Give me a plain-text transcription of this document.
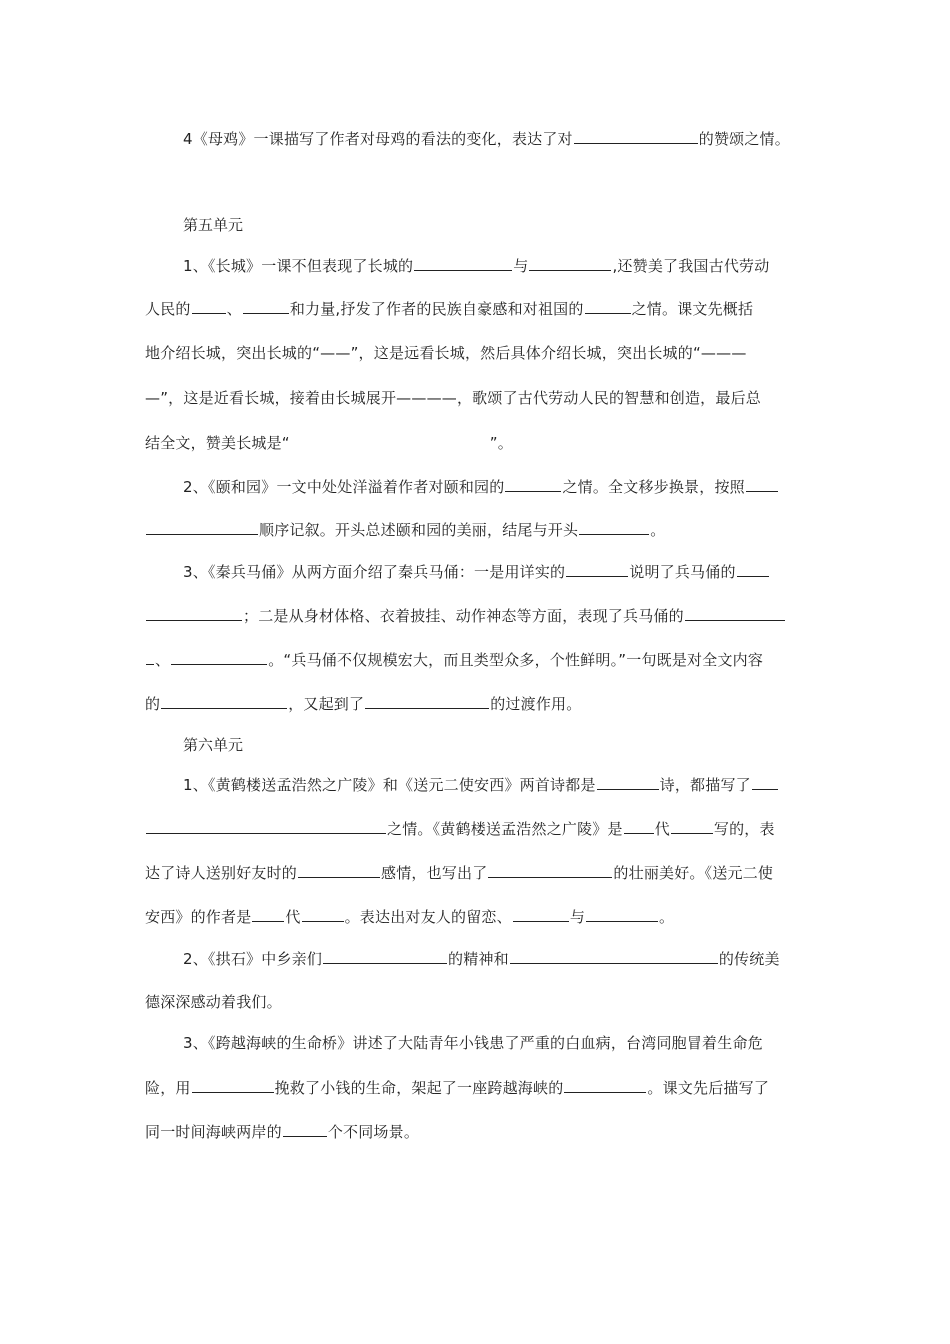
4《母鸡》一课描写了作者对母鸡的看法的变化，表达了对	的赞颂之情。
第五单元
1、《长城》一课不但表现了长城的	与	,还赞美了我国古代劳动
人民的 、	和力量,抒发了作者的民族自豪感和对祖国的	之情。课文先概括
地介绍长城，突出长城的“——”，这是远看长城，然后具体介绍长城，突出长城的“———
—”，这是近看长城，接着由长城展开————，歌颂了古代劳动人民的智慧和创造，最后总
结全文，赞美长城是“	”。
2、《颐和园》一文中处处洋溢着作者对颐和园的	之情。全文移步换景，按照
顺序记叙。开头总述颐和园的美丽，结尾与开头	。
3、《秦兵马俑》从两方面介绍了秦兵马俑：一是用详实的	说明了兵马俑的
；二是从身材体格、衣着披挂、动作神态等方面，表现了兵马俑的
、	。“兵马俑不仅规模宏大，而且类型众多，个性鲜明。”一句既是对全文内容
的	，又起到了	的过渡作用。
第六单元
1、《黄鹤楼送孟浩然之广陵》和《送元二使安西》两首诗都是	诗，都描写了
之情。《黄鹤楼送孟浩然之广陵》是 代	写的，表
达了诗人送别好友时的	感情，也写出了	的壮丽美好。《送元二使
安西》的作者是 代	。表达出对友人的留恋、	与	。
2、《拱石》中乡亲们	的精神和	的传统美
德深深感动着我们。
3、《跨越海峡的生命桥》讲述了大陆青年小钱患了严重的白血病，台湾同胞冒着生命危
险，用	挽救了小钱的生命，架起了一座跨越海峡的	。课文先后描写了
同一时间海峡两岸的	个不同场景。
